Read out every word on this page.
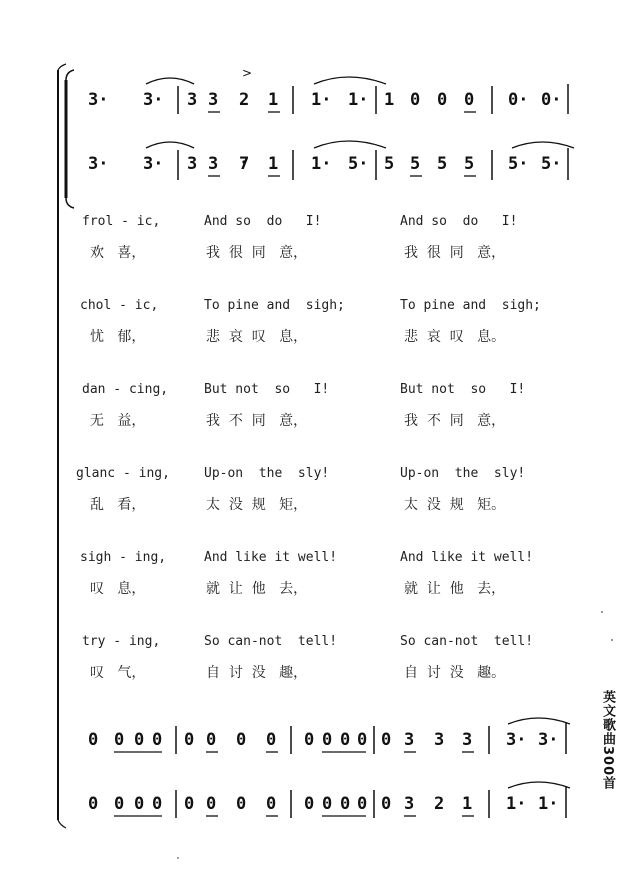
>
3· 3· 3 3 2 1 1· 1· 1 0 0 0 0· 0·
3· 3· 3 3 7 1 1· 5· 5 5 5 5 5· 5·
frol - ic,	And so  do   I!	And so  do   I!
欢   喜，	我  很  同   意，	我  很  同   意，
chol - ic,	To pine and  sigh;	To pine and  sigh;
忧   郁，	悲  哀  叹   息，	悲  哀  叹   息。
dan - cing,	But not  so   I!	But not  so   I!
无   益，	我  不  同   意，	我  不  同   意，
glanc - ing,	Up-on  the  sly!	Up-on  the  sly!
乱   看，	太  没  规   矩，	太  没  规   矩。
sigh - ing,	And like it well!	And like it well!
叹   息，	就  让  他   去，	就  让  他   去，
try - ing,	So can-not  tell!	So can-not  tell!
叹   气，	自  讨  没   趣，	自  讨  没   趣。
0 0 0 0 0 0 0 0 0 0 0 0 0 3 3 3 3· 3·
0 0 0 0 0 0 0 0 0 0 0 0 0 3 2 1 1· 1·
英文歌曲300首
